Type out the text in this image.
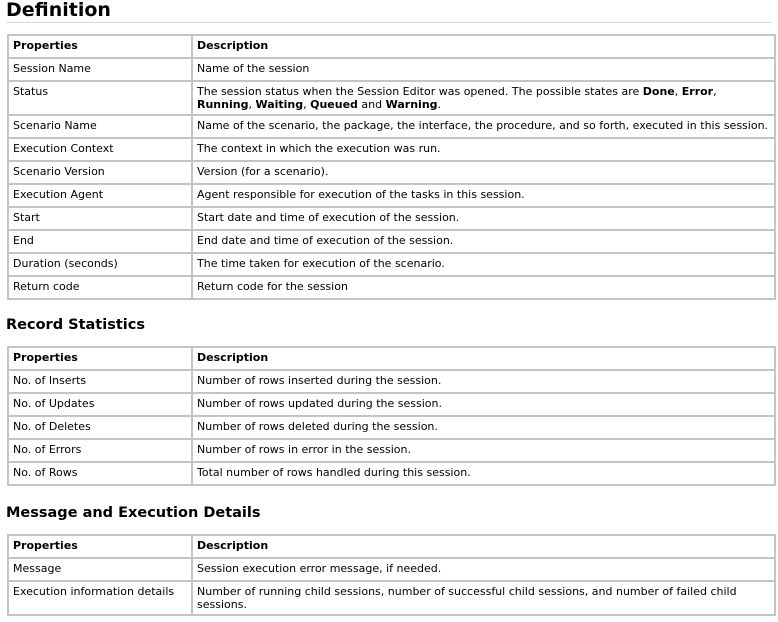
Definition
Properties	Description
Session Name	Name of the session
Status	The session status when the Session Editor was opened. The possible states are Done, Error, Running, Waiting, Queued and Warning.
Scenario Name	Name of the scenario, the package, the interface, the procedure, and so forth, executed in this session.
Execution Context	The context in which the execution was run.
Scenario Version	Version (for a scenario).
Execution Agent	Agent responsible for execution of the tasks in this session.
Start	Start date and time of execution of the session.
End	End date and time of execution of the session.
Duration (seconds)	The time taken for execution of the scenario.
Return code	Return code for the session
Record Statistics
Properties	Description
No. of Inserts	Number of rows inserted during the session.
No. of Updates	Number of rows updated during the session.
No. of Deletes	Number of rows deleted during the session.
No. of Errors	Number of rows in error in the session.
No. of Rows	Total number of rows handled during this session.
Message and Execution Details
Properties	Description
Message	Session execution error message, if needed.
Execution information details	Number of running child sessions, number of successful child sessions, and number of failed child sessions.
